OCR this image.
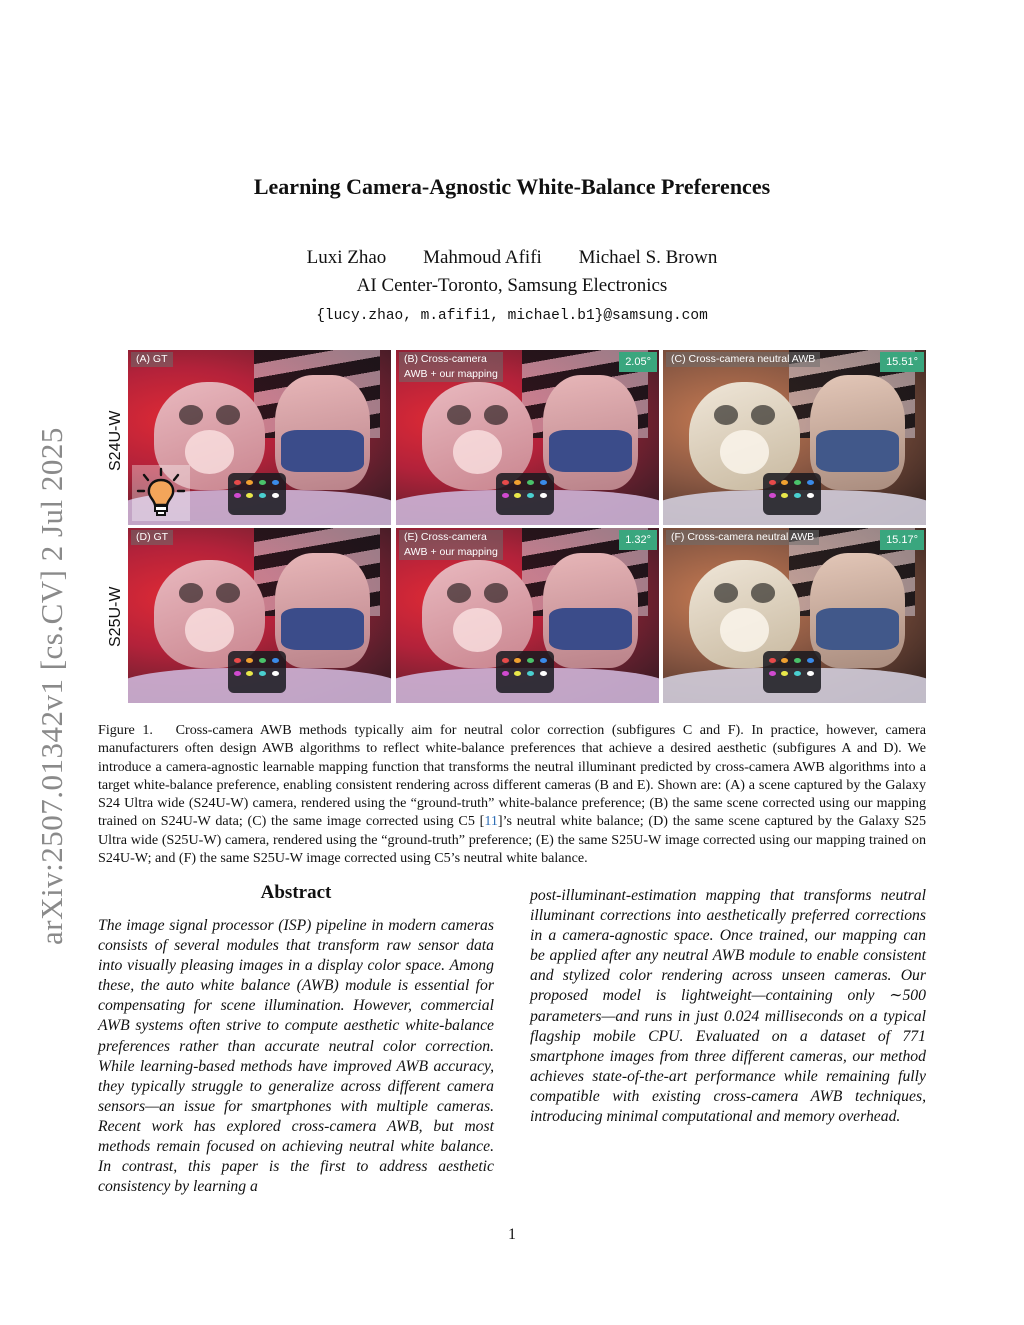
arXiv:2507.01342v1 [cs.CV] 2 Jul 2025
Learning Camera-Agnostic White-Balance Preferences
Luxi Zhao Mahmoud Afifi Michael S. Brown
AI Center-Toronto, Samsung Electronics
{lucy.zhao, m.afifi1, michael.b1}@samsung.com
S24U-W
S25U-W
(A) GT	(B) Cross-camera
AWB + our mapping
2.05°	(C) Cross-camera neutral AWB	15.51°
(D) GT	(E) Cross-camera
AWB + our mapping
1.32°	(F) Cross-camera neutral AWB	15.17°
Figure 1. Cross-camera AWB methods typically aim for neutral color correction (subfigures C and F). In practice, however, camera manufacturers often design AWB algorithms to reflect white-balance preferences that achieve a desired aesthetic (subfigures A and D). We introduce a camera-agnostic learnable mapping function that transforms the neutral illuminant predicted by cross-camera AWB algorithms into a target white-balance preference, enabling consistent rendering across different cameras (B and E). Shown are: (A) a scene captured by the Galaxy S24 Ultra wide (S24U-W) camera, rendered using the “ground-truth” white-balance preference; (B) the same scene corrected using our mapping trained on S24U-W data; (C) the same image corrected using C5 [11]’s neutral white balance; (D) the same scene captured by the Galaxy S25 Ultra wide (S25U-W) camera, rendered using the “ground-truth” preference; (E) the same S25U-W image corrected using our mapping trained on S24U-W; and (F) the same S25U-W image corrected using C5’s neutral white balance.
Abstract
The image signal processor (ISP) pipeline in modern cameras consists of several modules that transform raw sensor data into visually pleasing images in a display color space. Among these, the auto white balance (AWB) module is essential for compensating for scene illumination. However, commercial AWB systems often strive to compute aesthetic white-balance preferences rather than accurate neutral color correction. While learning-based methods have improved AWB accuracy, they typically struggle to generalize across different camera sensors—an issue for smartphones with multiple cameras. Recent work has explored cross-camera AWB, but most methods remain focused on achieving neutral white balance. In contrast, this paper is the first to address aesthetic consistency by learning a
post-illuminant-estimation mapping that transforms neutral illuminant corrections into aesthetically preferred corrections in a camera-agnostic space. Once trained, our mapping can be applied after any neutral AWB module to enable consistent and stylized color rendering across unseen cameras. Our proposed model is lightweight—containing only ∼500 parameters—and runs in just 0.024 milliseconds on a typical flagship mobile CPU. Evaluated on a dataset of 771 smartphone images from three different cameras, our method achieves state-of-the-art performance while remaining fully compatible with existing cross-camera AWB techniques, introducing minimal computational and memory overhead.
1
